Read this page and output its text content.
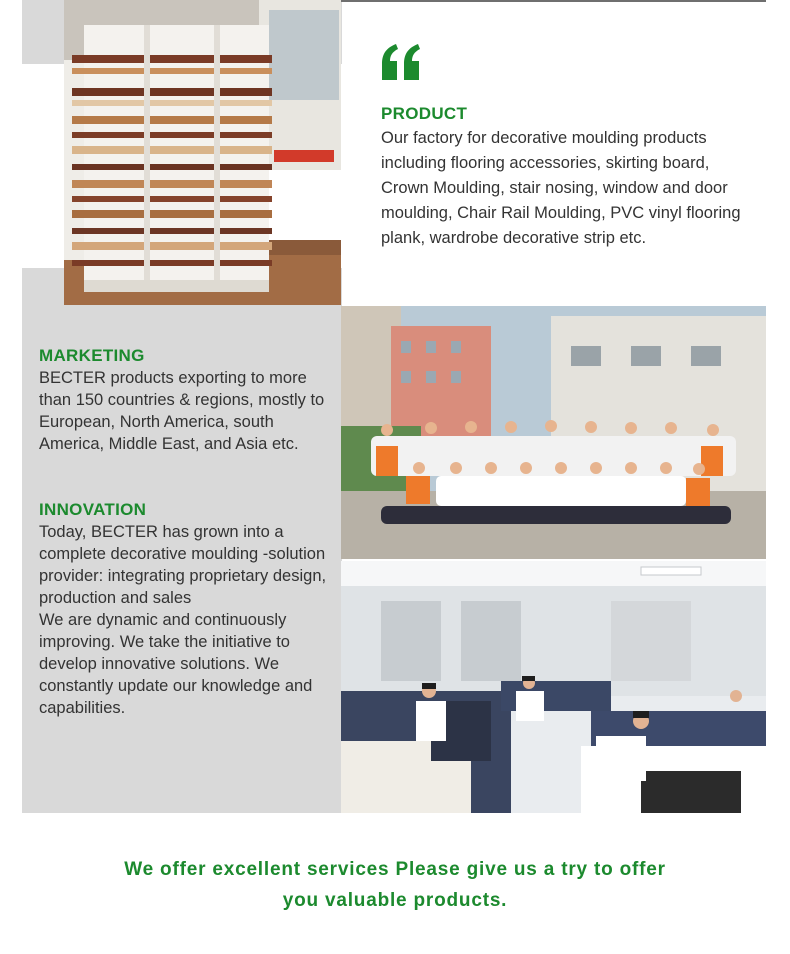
PRODUCT
Our factory for decorative moulding products including flooring accessories, skirting board, Crown Moulding, stair nosing, window and door moulding, Chair Rail Moulding, PVC vinyl flooring plank, wardrobe decorative strip etc.
MARKETING
BECTER products exporting to more than 150 countries & regions, mostly to European, North America, south America, Middle East, and Asia etc.
INNOVATION
Today, BECTER has grown into a complete decorative moulding -solution provider: integrating proprietary design, production and sales
We are dynamic and continuously improving. We take the initiative to develop innovative solutions. We constantly update our knowledge and capabilities.
We offer excellent services Please give us a try to offer
you valuable products.
